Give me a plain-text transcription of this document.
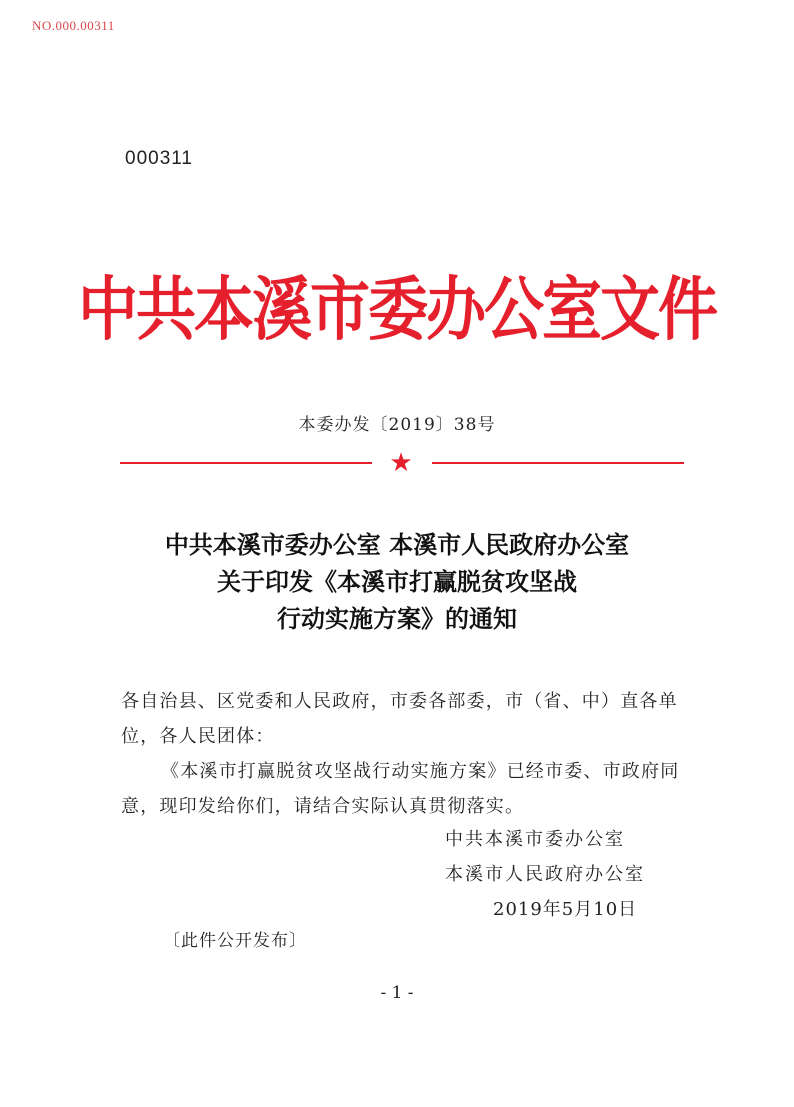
NO.000.00311
000311
中共本溪市委办公室文件
本委办发〔2019〕38号
★
中共本溪市委办公室 本溪市人民政府办公室
关于印发《本溪市打赢脱贫攻坚战
行动实施方案》的通知

各自治县、区党委和人民政府，市委各部委，市（省、中）直各单位，各人民团体：

《本溪市打赢脱贫攻坚战行动实施方案》已经市委、市政府同意，现印发给你们，请结合实际认真贯彻落实。

中共本溪市委办公室
本溪市人民政府办公室
2019年5月10日
〔此件公开发布〕
- 1 -
